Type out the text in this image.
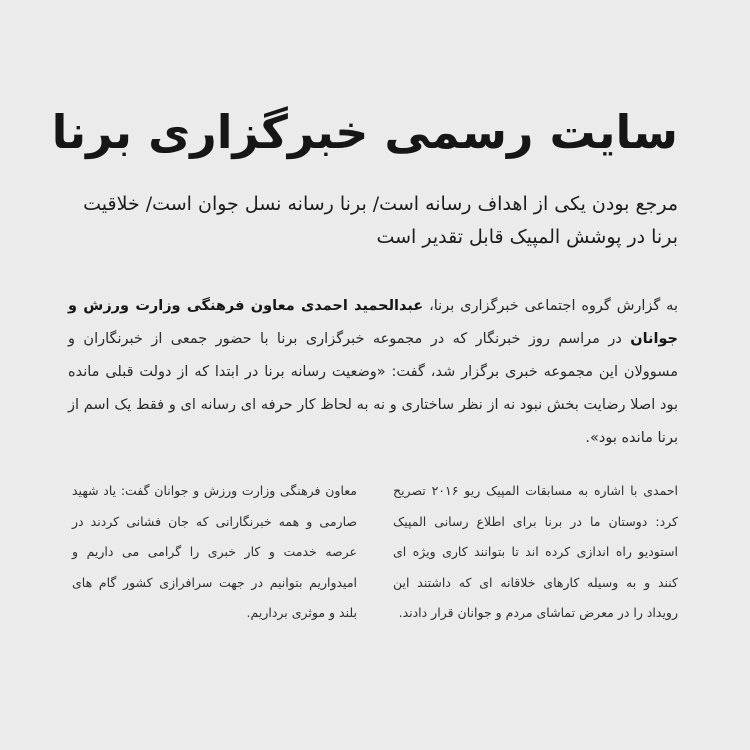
سایت رسمی خبرگزاری برنا

مرجع بودن یکی از اهداف رسانه است/ برنا رسانه نسل جوان است/ خلاقیت برنا در پوشش المپیک قابل تقدیر است

به گزارش گروه اجتماعی خبرگزاری برنا، عبدالحمید احمدی معاون فرهنگی وزارت ورزش و جوانان در مراسم روز خبرنگار که در مجموعه خبرگزاری برنا با حضور جمعی از خبرنگاران و مسوولان این مجموعه خبری برگزار شد، گفت: «وضعیت رسانه برنا در ابتدا که از دولت قبلی مانده بود اصلا رضایت بخش نبود نه از نظر ساختاری و نه به لحاظ کار حرفه ای رسانه ای و فقط یک اسم از برنا مانده بود».

احمدی با اشاره به مسابقات المپیک ریو ۲۰۱۶ تصریح کرد: دوستان ما در برنا برای اطلاع رسانی المپیک استودیو راه اندازی کرده اند تا بتوانند کاری ویژه ای کنند و به وسیله کارهای خلاقانه ای که داشتند این رویداد را در معرض تماشای مردم و جوانان قرار دادند.

معاون فرهنگی وزارت ورزش و جوانان گفت: یاد شهید صارمی و همه خبرنگارانی که جان فشانی کردند در عرصه خدمت و کار خبری را گرامی می داریم و امیدواریم بتوانیم در جهت سرافرازی کشور گام های بلند و موثری برداریم.
